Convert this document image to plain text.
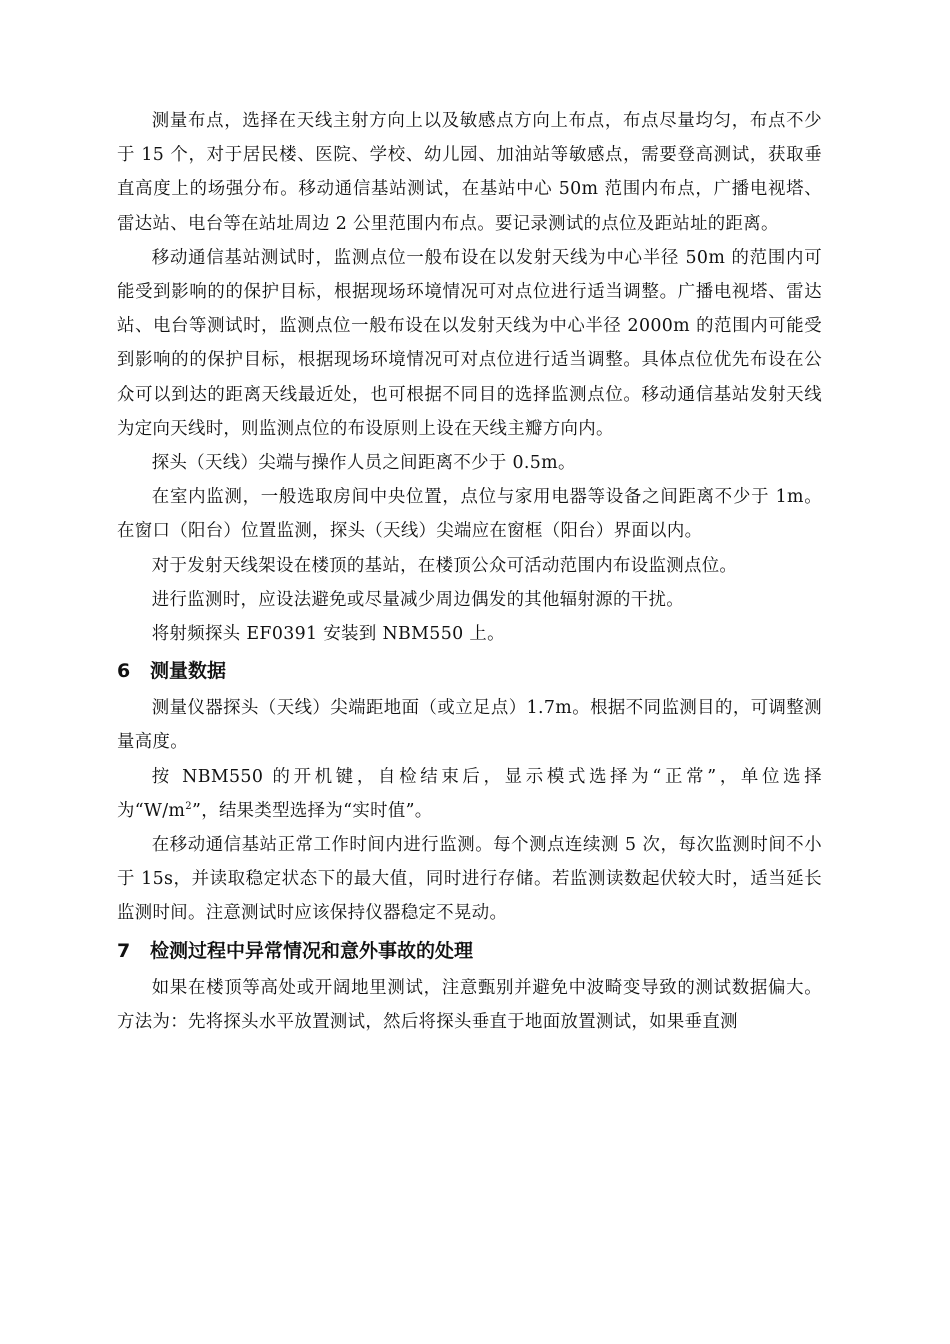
测量布点，选择在天线主射方向上以及敏感点方向上布点，布点尽量均匀，布点不少于 15 个，对于居民楼、医院、学校、幼儿园、加油站等敏感点，需要登高测试，获取垂直高度上的场强分布。移动通信基站测试，在基站中心 50m 范围内布点，广播电视塔、雷达站、电台等在站址周边 2 公里范围内布点。要记录测试的点位及距站址的距离。

移动通信基站测试时，监测点位一般布设在以发射天线为中心半径 50m 的范围内可能受到影响的的保护目标，根据现场环境情况可对点位进行适当调整。广播电视塔、雷达站、电台等测试时，监测点位一般布设在以发射天线为中心半径 2000m 的范围内可能受到影响的的保护目标，根据现场环境情况可对点位进行适当调整。具体点位优先布设在公众可以到达的距离天线最近处，也可根据不同目的选择监测点位。移动通信基站发射天线为定向天线时，则监测点位的布设原则上设在天线主瓣方向内。

探头（天线）尖端与操作人员之间距离不少于 0.5m。

在室内监测，一般选取房间中央位置，点位与家用电器等设备之间距离不少于 1m。在窗口（阳台）位置监测，探头（天线）尖端应在窗框（阳台）界面以内。

对于发射天线架设在楼顶的基站，在楼顶公众可活动范围内布设监测点位。

进行监测时，应设法避免或尽量减少周边偶发的其他辐射源的干扰。

将射频探头 EF0391 安装到 NBM550 上。

6 测量数据

测量仪器探头（天线）尖端距地面（或立足点）1.7m。根据不同监测目的，可调整测量高度。

按 NBM550 的开机键，自检结束后，显示模式选择为“正常”，单位选择为“$W/m^2$”，结果类型选择为“实时值”。

在移动通信基站正常工作时间内进行监测。每个测点连续测 5 次，每次监测时间不小于 15s，并读取稳定状态下的最大值，同时进行存储。若监测读数起伏较大时，适当延长监测时间。注意测试时应该保持仪器稳定不晃动。

7 检测过程中异常情况和意外事故的处理

如果在楼顶等高处或开阔地里测试，注意甄别并避免中波畸变导致的测试数据偏大。方法为：先将探头水平放置测试，然后将探头垂直于地面放置测试，如果垂直测
